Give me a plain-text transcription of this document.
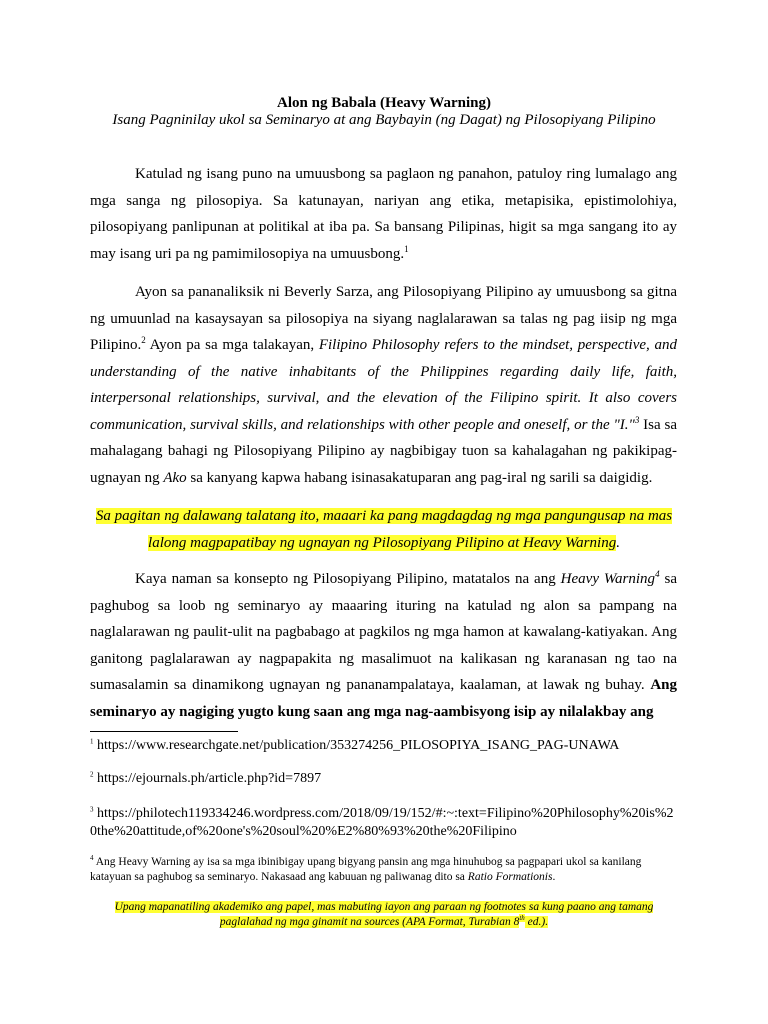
Alon ng Babala (Heavy Warning)
Isang Pagninilay ukol sa Seminaryo at ang Baybayin (ng Dagat) ng Pilosopiyang Pilipino

Katulad ng isang puno na umuusbong sa paglaon ng panahon, patuloy ring lumalago ang mga sanga ng pilosopiya. Sa katunayan, nariyan ang etika, metapisika, epistimolohiya, pilosopiyang panlipunan at politikal at iba pa. Sa bansang Pilipinas, higit sa mga sangang ito ay may isang uri pa ng pamimilosopiya na umuusbong.$^1$

Ayon sa pananaliksik ni Beverly Sarza, ang Pilosopiyang Pilipino ay umuusbong sa gitna ng umuunlad na kasaysayan sa pilosopiya na siyang naglalarawan sa talas ng pag iisip ng mga Pilipino.$^2$ Ayon pa sa mga talakayan, Filipino Philosophy refers to the mindset, perspective, and understanding of the native inhabitants of the Philippines regarding daily life, faith, interpersonal relationships, survival, and the elevation of the Filipino spirit. It also covers communication, survival skills, and relationships with other people and oneself, or the "I."$^3$ Isa sa mahalagang bahagi ng Pilosopiyang Pilipino ay nagbibigay tuon sa kahalagahan ng pakikipag-ugnayan ng Ako sa kanyang kapwa habang isinasakatuparan ang pag-iral ng sarili sa daigidig.

Sa pagitan ng dalawang talatang ito, maaari ka pang magdagdag ng mga pangungusap na mas lalong magpapatibay ng ugnayan ng Pilosopiyang Pilipino at Heavy Warning.

Kaya naman sa konsepto ng Pilosopiyang Pilipino, matatalos na ang Heavy Warning$^4$ sa paghubog sa loob ng seminaryo ay maaaring ituring na katulad ng alon sa pampang na naglalarawan ng paulit-ulit na pagbabago at pagkilos ng mga hamon at kawalang-katiyakan. Ang ganitong paglalarawan ay nagpapakita ng masalimuot na kalikasan ng karanasan ng tao na sumasalamin sa dinamikong ugnayan ng pananampalataya, kaalaman, at lawak ng buhay. Ang seminaryo ay nagiging yugto kung saan ang mga nag-aambisyong isip ay nilalakbay ang

$^1$ https://www.researchgate.net/publication/353274256_PILOSOPIYA_ISANG_PAG-UNAWA
$^2$ https://ejournals.ph/article.php?id=7897
$^3$ https://philotech119334246.wordpress.com/2018/09/19/152/#:~:text=Filipino%20Philosophy%20is%20the%20attitude,of%20one's%20soul%20%E2%80%93%20the%20Filipino
$^4$ Ang Heavy Warning ay isa sa mga ibinibigay upang bigyang pansin ang mga hinuhubog sa pagpapari ukol sa kanilang katayuan sa paghubog sa seminaryo. Nakasaad ang kabuuan ng paliwanag dito sa Ratio Formationis.
Upang mapanatiling akademiko ang papel, mas mabuting iayon ang paraan ng footnotes sa kung paano ang tamang paglalahad ng mga ginamit na sources (APA Format, Turabian 8th ed.).
